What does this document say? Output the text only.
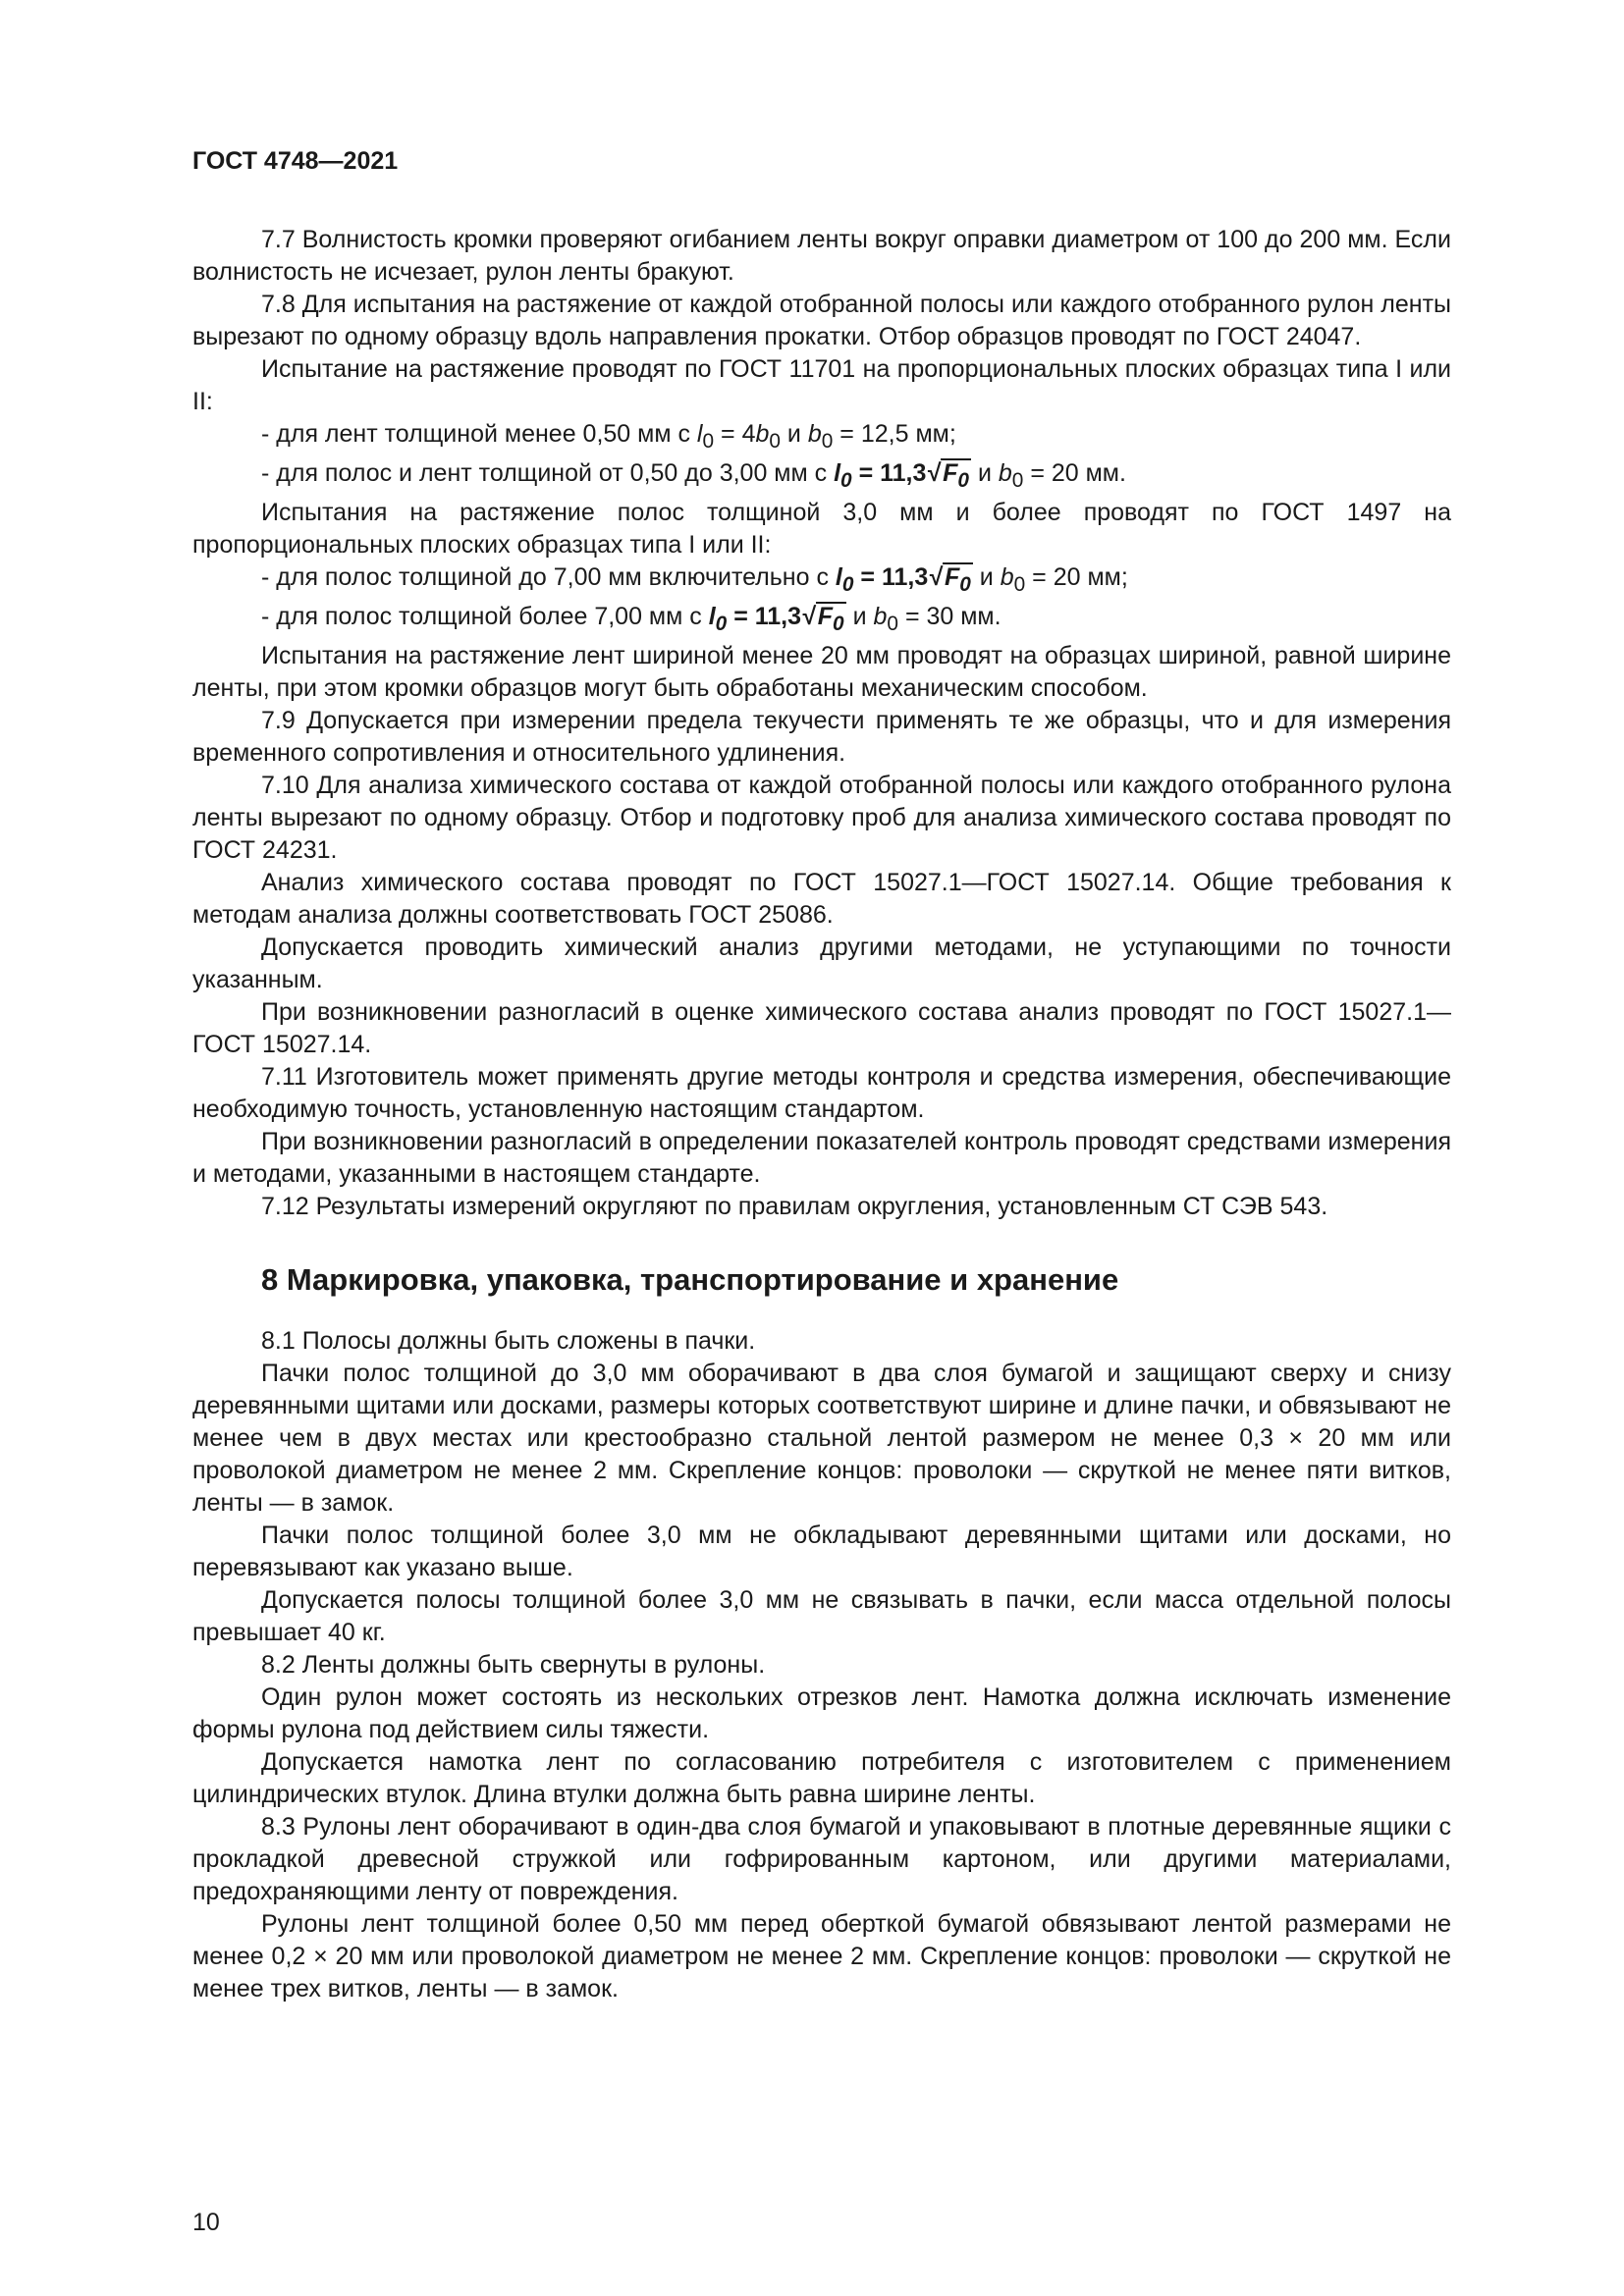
ГОСТ 4748—2021

7.7 Волнистость кромки проверяют огибанием ленты вокруг оправки диаметром от 100 до 200 мм. Если волнистость не исчезает, рулон ленты бракуют.

7.8 Для испытания на растяжение от каждой отобранной полосы или каждого отобранного рулон ленты вырезают по одному образцу вдоль направления прокатки. Отбор образцов проводят по ГОСТ 24047.

Испытание на растяжение проводят по ГОСТ 11701 на пропорциональных плоских образцах типа I или II:

- для лент толщиной менее 0,50 мм с $l_0 = 4b_0$ и $b_0 = 12,5$ мм;

- для полос и лент толщиной от 0,50 до 3,00 мм с $l_0 = 11,3√$ $F_0$ и $b_0 = 20$ мм.

Испытания на растяжение полос толщиной 3,0 мм и более проводят по ГОСТ 1497 на пропорциональных плоских образцах типа I или II:

- для полос толщиной до 7,00 мм включительно с $l_0 = 11,3√$ $F_0$ и $b_0 = 20$ мм;

- для полос толщиной более 7,00 мм с $l_0 = 11,3√$ $F_0$ и $b_0 = 30$ мм.

Испытания на растяжение лент шириной менее 20 мм проводят на образцах шириной, равной ширине ленты, при этом кромки образцов могут быть обработаны механическим способом.

7.9 Допускается при измерении предела текучести применять те же образцы, что и для измерения временного сопротивления и относительного удлинения.

7.10 Для анализа химического состава от каждой отобранной полосы или каждого отобранного рулона ленты вырезают по одному образцу. Отбор и подготовку проб для анализа химического состава проводят по ГОСТ 24231.

Анализ химического состава проводят по ГОСТ 15027.1—ГОСТ 15027.14. Общие требования к методам анализа должны соответствовать ГОСТ 25086.

Допускается проводить химический анализ другими методами, не уступающими по точности указанным.

При возникновении разногласий в оценке химического состава анализ проводят по ГОСТ 15027.1—ГОСТ 15027.14.

7.11 Изготовитель может применять другие методы контроля и средства измерения, обеспечивающие необходимую точность, установленную настоящим стандартом.

При возникновении разногласий в определении показателей контроль проводят средствами измерения и методами, указанными в настоящем стандарте.

7.12 Результаты измерений округляют по правилам округления, установленным СТ СЭВ 543.

8 Маркировка, упаковка, транспортирование и хранение

8.1 Полосы должны быть сложены в пачки.

Пачки полос толщиной до 3,0 мм оборачивают в два слоя бумагой и защищают сверху и снизу деревянными щитами или досками, размеры которых соответствуют ширине и длине пачки, и обвязывают не менее чем в двух местах или крестообразно стальной лентой размером не менее 0,3 × 20 мм или проволокой диаметром не менее 2 мм. Скрепление концов: проволоки — скруткой не менее пяти витков, ленты — в замок.

Пачки полос толщиной более 3,0 мм не обкладывают деревянными щитами или досками, но перевязывают как указано выше.

Допускается полосы толщиной более 3,0 мм не связывать в пачки, если масса отдельной полосы превышает 40 кг.

8.2 Ленты должны быть свернуты в рулоны.

Один рулон может состоять из нескольких отрезков лент. Намотка должна исключать изменение формы рулона под действием силы тяжести.

Допускается намотка лент по согласованию потребителя с изготовителем с применением цилиндрических втулок. Длина втулки должна быть равна ширине ленты.

8.3 Рулоны лент оборачивают в один-два слоя бумагой и упаковывают в плотные деревянные ящики с прокладкой древесной стружкой или гофрированным картоном, или другими материалами, предохраняющими ленту от повреждения.

Рулоны лент толщиной более 0,50 мм перед оберткой бумагой обвязывают лентой размерами не менее 0,2 × 20 мм или проволокой диаметром не менее 2 мм. Скрепление концов: проволоки — скруткой не менее трех витков, ленты — в замок.

10
